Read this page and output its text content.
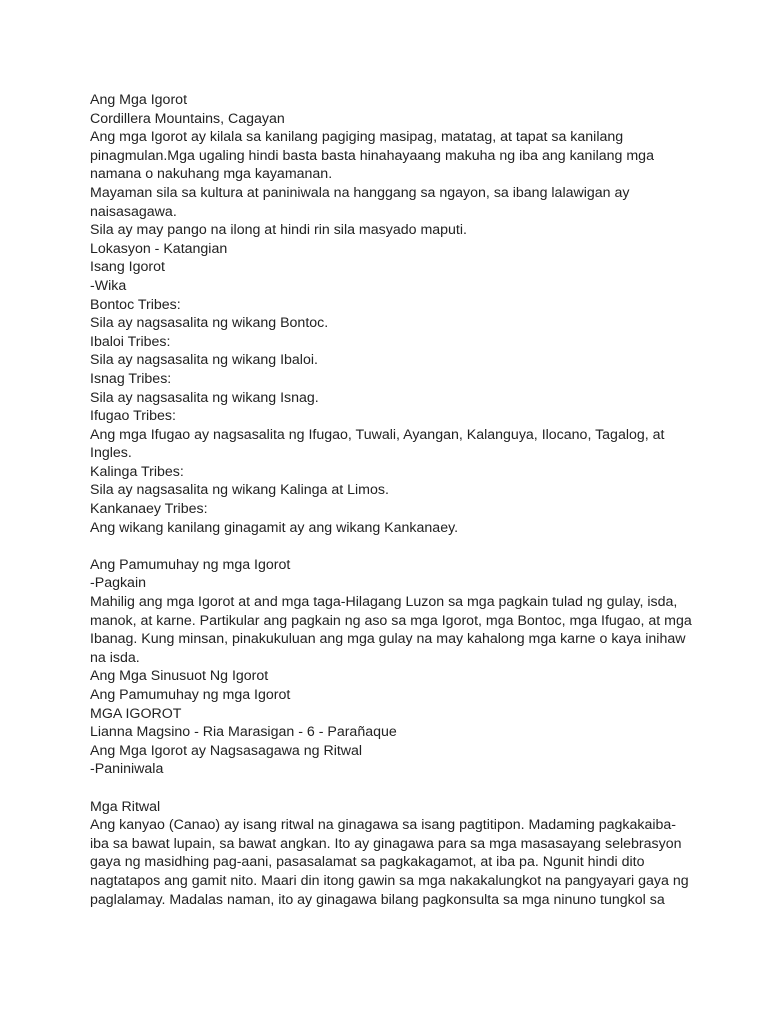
Ang Mga Igorot
Cordillera Mountains, Cagayan
Ang mga Igorot ay kilala sa kanilang pagiging masipag, matatag, at tapat sa kanilang
pinagmulan.Mga ugaling hindi basta basta hinahayaang makuha ng iba ang kanilang mga
namana o nakuhang mga kayamanan.
Mayaman sila sa kultura at paniniwala na hanggang sa ngayon, sa ibang lalawigan ay
naisasagawa.
Sila ay may pango na ilong at hindi rin sila masyado maputi.
Lokasyon - Katangian
Isang Igorot
-Wika
Bontoc Tribes:
Sila ay nagsasalita ng wikang Bontoc.
Ibaloi Tribes:
Sila ay nagsasalita ng wikang Ibaloi.
Isnag Tribes:
Sila ay nagsasalita ng wikang Isnag.
Ifugao Tribes:
Ang mga Ifugao ay nagsasalita ng Ifugao, Tuwali, Ayangan, Kalanguya, Ilocano, Tagalog, at
Ingles.
Kalinga Tribes:
Sila ay nagsasalita ng wikang Kalinga at Limos.
Kankanaey Tribes:
Ang wikang kanilang ginagamit ay ang wikang Kankanaey.
Ang Pamumuhay ng mga Igorot
-Pagkain
Mahilig ang mga Igorot at and mga taga-Hilagang Luzon sa mga pagkain tulad ng gulay, isda,
manok, at karne. Partikular ang pagkain ng aso sa mga Igorot, mga Bontoc, mga Ifugao, at mga
Ibanag. Kung minsan, pinakukuluan ang mga gulay na may kahalong mga karne o kaya inihaw
na isda.
Ang Mga Sinusuot Ng Igorot
Ang Pamumuhay ng mga Igorot
MGA IGOROT
Lianna Magsino - Ria Marasigan - 6 - Parañaque
Ang Mga Igorot ay Nagsasagawa ng Ritwal
-Paniniwala
Mga Ritwal
Ang kanyao (Canao) ay isang ritwal na ginagawa sa isang pagtitipon. Madaming pagkakaiba-
iba sa bawat lupain, sa bawat angkan. Ito ay ginagawa para sa mga masasayang selebrasyon
gaya ng masidhing pag-aani, pasasalamat sa pagkakagamot, at iba pa. Ngunit hindi dito
nagtatapos ang gamit nito. Maari din itong gawin sa mga nakakalungkot na pangyayari gaya ng
paglalamay. Madalas naman, ito ay ginagawa bilang pagkonsulta sa mga ninuno tungkol sa
